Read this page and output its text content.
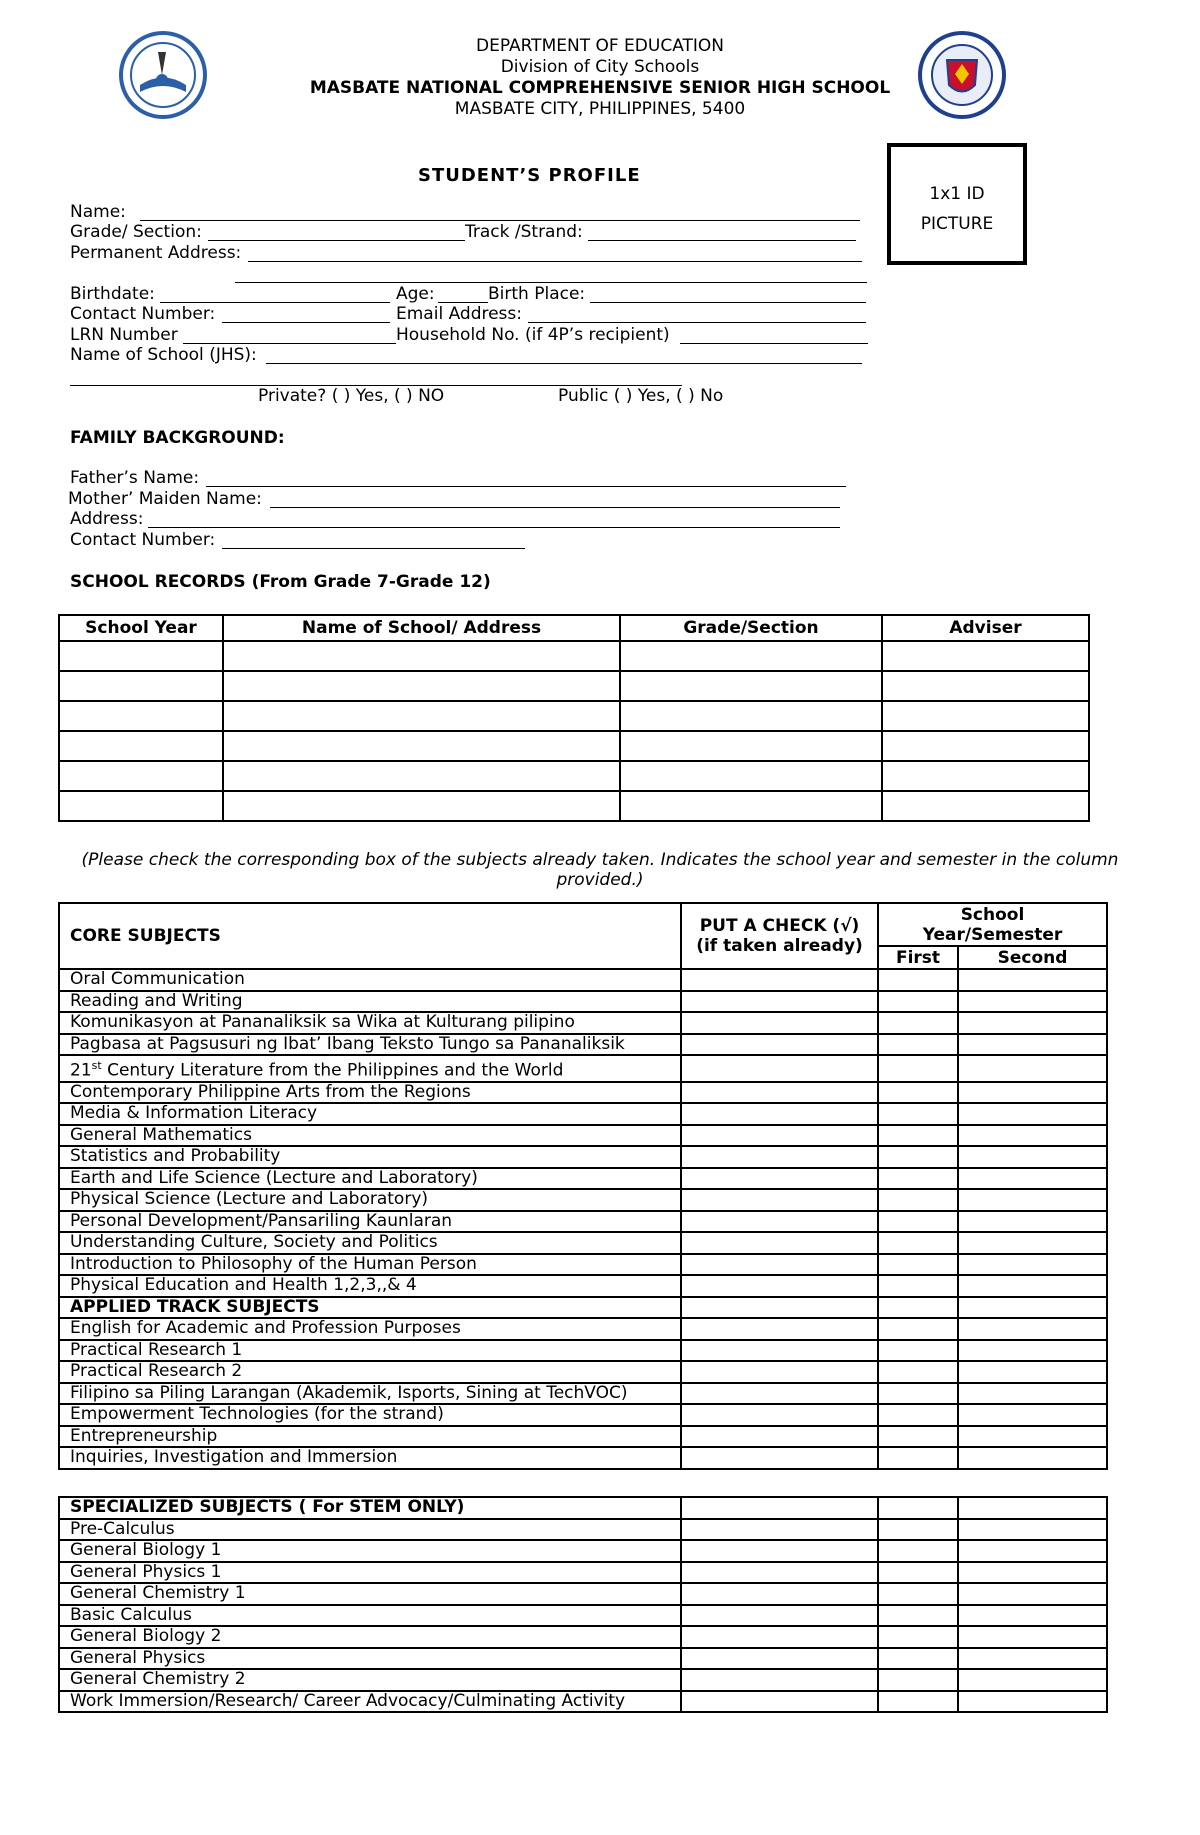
DEPARTMENT OF EDUCATION
Division of City Schools
MASBATE NATIONAL COMPREHENSIVE SENIOR HIGH SCHOOL
MASBATE CITY, PHILIPPINES, 5400
1x1 ID
PICTURE
STUDENT’S PROFILE
Name:
Grade/ Section:	Track /Strand:
Permanent Address:
Birthdate:	Age:	Birth Place:
Contact Number:	Email Address:
LRN Number	Household No. (if 4P’s recipient)
Name of School (JHS):
Private? ( ) Yes, ( ) NO	Public ( ) Yes, ( ) No
FAMILY BACKGROUND:
Father’s Name:
Mother’ Maiden Name:
Address:
Contact Number:
SCHOOL RECORDS (From Grade 7-Grade 12)
School Year	Name of School/ Address	Grade/Section	Adviser

(Please check the corresponding box of the subjects already taken. Indicates the school year and semester in the column provided.)
CORE SUBJECTS	PUT A CHECK (√) (if taken already)	School Year/Semester	
		First	Second
Oral Communication			
Reading and Writing			
Komunikasyon at Pananaliksik sa Wika at Kulturang pilipino			
Pagbasa at Pagsusuri ng Ibat’ Ibang Teksto Tungo sa Pananaliksik			
21st Century Literature from the Philippines and the World			
Contemporary Philippine Arts from the Regions			
Media & Information Literacy			
General Mathematics			
Statistics and Probability			
Earth and Life Science (Lecture and Laboratory)			
Physical Science (Lecture and Laboratory)			
Personal Development/Pansariling Kaunlaran			
Understanding Culture, Society and Politics			
Introduction to Philosophy of the Human Person			
Physical Education and Health 1,2,3,,& 4			
APPLIED TRACK SUBJECTS			
English for Academic and Profession Purposes			
Practical Research 1			
Practical Research 2			
Filipino sa Piling Larangan (Akademik, Isports, Sining at TechVOC)			
Empowerment Technologies (for the strand)			
Entrepreneurship			
Inquiries, Investigation and Immersion			
SPECIALIZED SUBJECTS ( For STEM ONLY)			
Pre-Calculus			
General Biology 1			
General Physics 1			
General Chemistry 1			
Basic Calculus			
General Biology 2			
General Physics			
General Chemistry 2			
Work Immersion/Research/ Career Advocacy/Culminating Activity			
